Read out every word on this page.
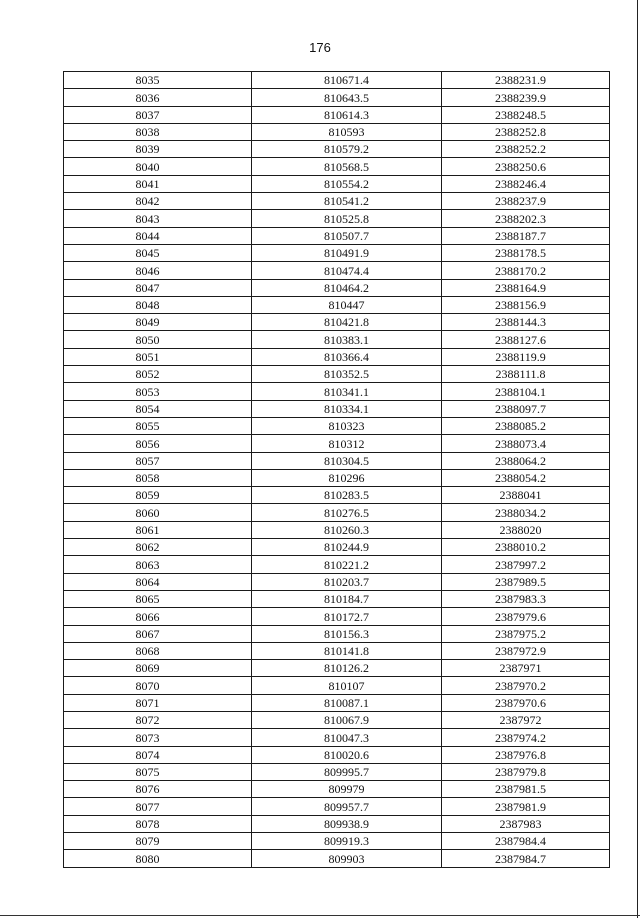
176
8035	810671.4	2388231.9
8036	810643.5	2388239.9
8037	810614.3	2388248.5
8038	810593	2388252.8
8039	810579.2	2388252.2
8040	810568.5	2388250.6
8041	810554.2	2388246.4
8042	810541.2	2388237.9
8043	810525.8	2388202.3
8044	810507.7	2388187.7
8045	810491.9	2388178.5
8046	810474.4	2388170.2
8047	810464.2	2388164.9
8048	810447	2388156.9
8049	810421.8	2388144.3
8050	810383.1	2388127.6
8051	810366.4	2388119.9
8052	810352.5	2388111.8
8053	810341.1	2388104.1
8054	810334.1	2388097.7
8055	810323	2388085.2
8056	810312	2388073.4
8057	810304.5	2388064.2
8058	810296	2388054.2
8059	810283.5	2388041
8060	810276.5	2388034.2
8061	810260.3	2388020
8062	810244.9	2388010.2
8063	810221.2	2387997.2
8064	810203.7	2387989.5
8065	810184.7	2387983.3
8066	810172.7	2387979.6
8067	810156.3	2387975.2
8068	810141.8	2387972.9
8069	810126.2	2387971
8070	810107	2387970.2
8071	810087.1	2387970.6
8072	810067.9	2387972
8073	810047.3	2387974.2
8074	810020.6	2387976.8
8075	809995.7	2387979.8
8076	809979	2387981.5
8077	809957.7	2387981.9
8078	809938.9	2387983
8079	809919.3	2387984.4
8080	809903	2387984.7
